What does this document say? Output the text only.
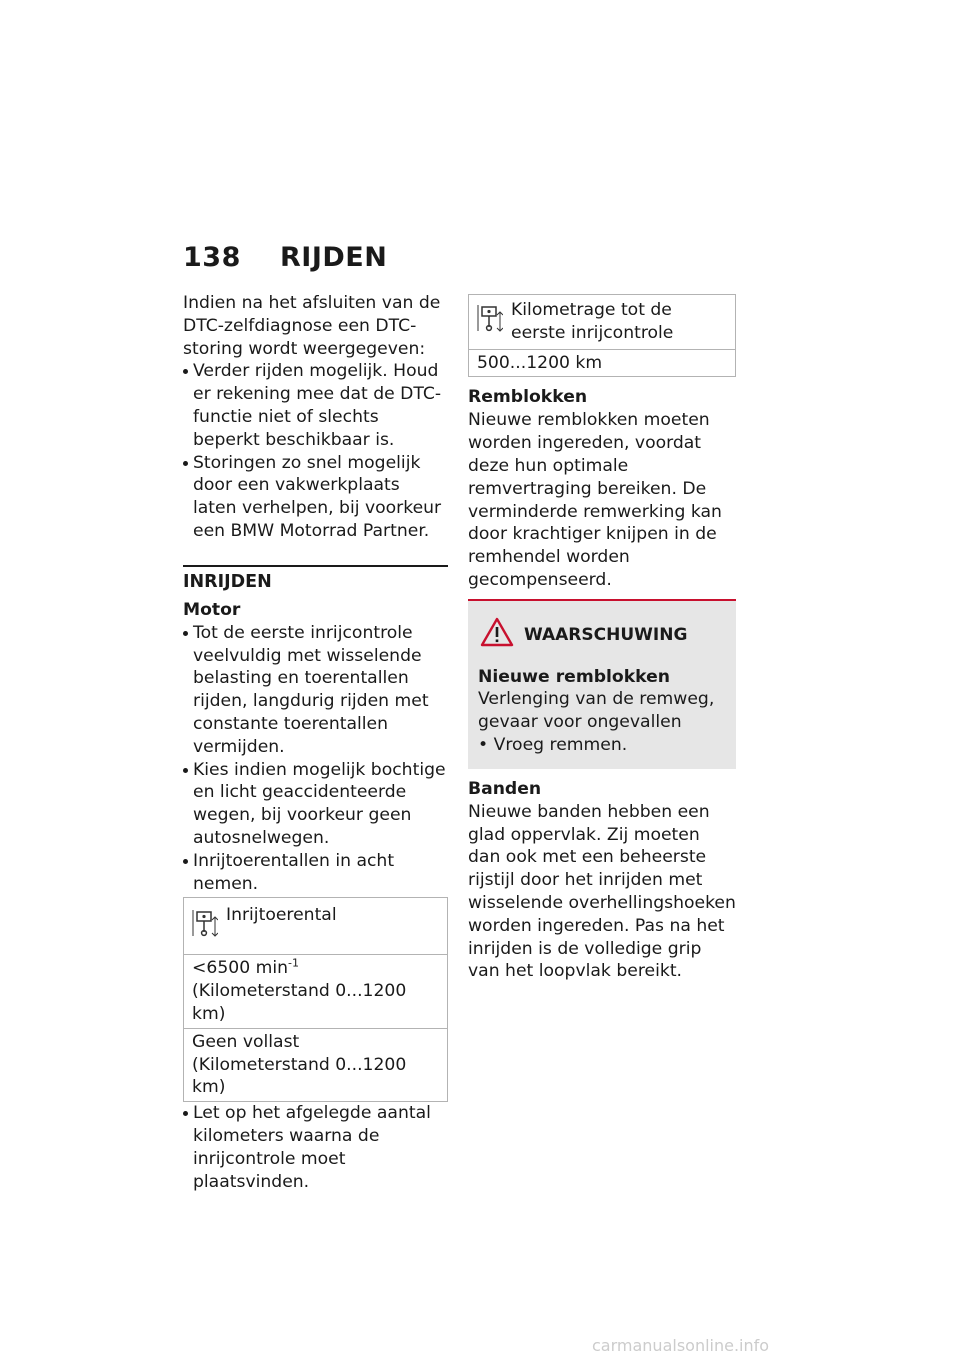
138 RIJDEN

Indien na het afsluiten van de DTC-zelfdiagnose een DTC-storing wordt weergegeven:

Verder rijden mogelijk. Houd er rekening mee dat de DTC-functie niet of slechts beperkt beschikbaar is.
Storingen zo snel mogelijk door een vakwerkplaats laten verhelpen, bij voorkeur een BMW Motorrad Partner.
INRIJDEN
Motor
Tot de eerste inrijcontrole veelvuldig met wisselende belasting en toerentallen rijden, langdurig rijden met constante toerentallen vermijden.
Kies indien mogelijk bochtige en licht geaccidenteerde wegen, bij voorkeur geen autosnelwegen.
Inrijtoerentallen in acht nemen.
Inrijtoerental
<6500 $\min^{-1}$ (Kilometerstand 0...1200 km)
Geen vollast (Kilometerstand 0...1200 km)
Let op het afgelegde aantal kilometers waarna de inrijcontrole moet plaatsvinden.
Kilometrage tot de eerste inrijcontrole
500...1200 km
Remblokken

Nieuwe remblokken moeten worden ingereden, voordat deze hun optimale remvertraging bereiken. De verminderde remwerking kan door krachtiger knijpen in de remhendel worden gecompenseerd.

WAARSCHUWING
Nieuwe remblokken

Verlenging van de remweg, gevaar voor ongevallen

• Vroeg remmen.

Banden

Nieuwe banden hebben een glad oppervlak. Zij moeten dan ook met een beheerste rijstijl door het inrijden met wisselende overhellingshoeken worden ingereden. Pas na het inrijden is de volledige grip van het loopvlak bereikt.

carmanualsonline.info
